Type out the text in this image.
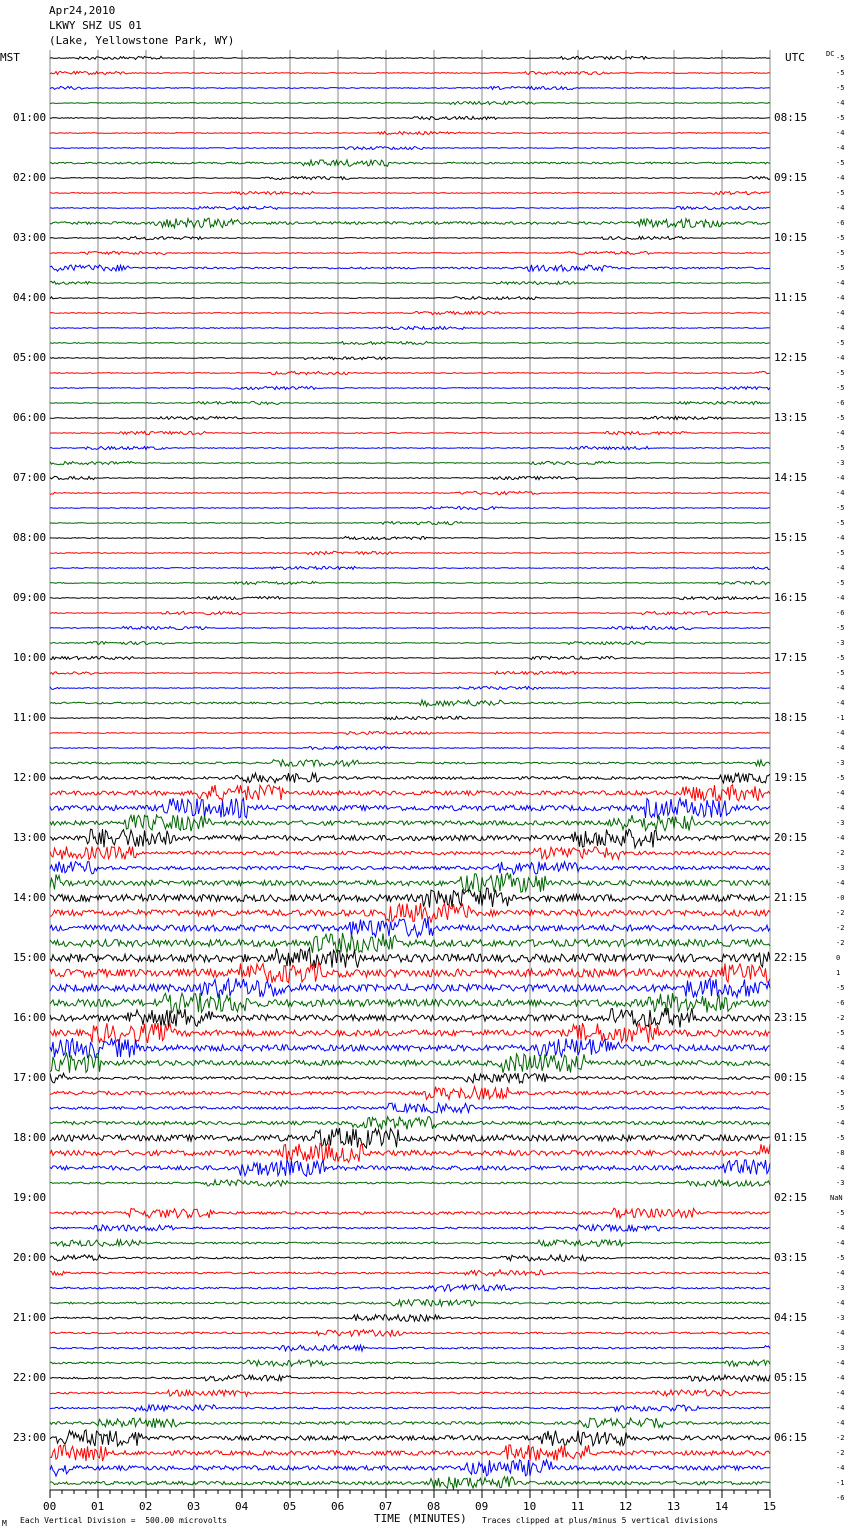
Apr24,2010
LKWY SHZ US 01
(Lake, Yellowstone Park, WY)
MST	UTC	DC
01:00
02:00
03:00
04:00
05:00
06:00
07:00
08:00
09:00
10:00
11:00
12:00
13:00
14:00
15:00
16:00
17:00
18:00
19:00
20:00
21:00
22:00
23:00
08:15
09:15
10:15
11:15
12:15
13:15
14:15
15:15
16:15
17:15
18:15
19:15
20:15
21:15
22:15
23:15
00:15
01:15
02:15
03:15
04:15
05:15
06:15
-5
-5
-5
-4
-5
-4
-4
-5
-4
-5
-4
-6
-5
-5
-5
-4
-4
-4
-4
-5
-4
-5
-5
-6
-5
-4
-5
-3
-4
-4
-5
-5
-4
-5
-4
-5
-4
-6
-5
-3
-5
-5
-4
-4
-1
-4
-4
-3
-5
-4
-4
-3
-4
-2
-3
-4
-0
-2
-2
-2
0
1
-5
-6
-2
-5
-4
-4
-4
-5
-5
-4
-5
-8
-4
-3
NaN
-5
-4
-4
-5
-4
-3
-4
-3
-4
-3
-4
-4
-4
-4
-4
-2
-2
-4
-1
-6
00	01	02	03	04	05	06	07	08	09	10	11	12	13	14	15
M Each Vertical Division =  500.00 microvolts	TIME (MINUTES) Traces clipped at plus/minus 5 vertical divisions
